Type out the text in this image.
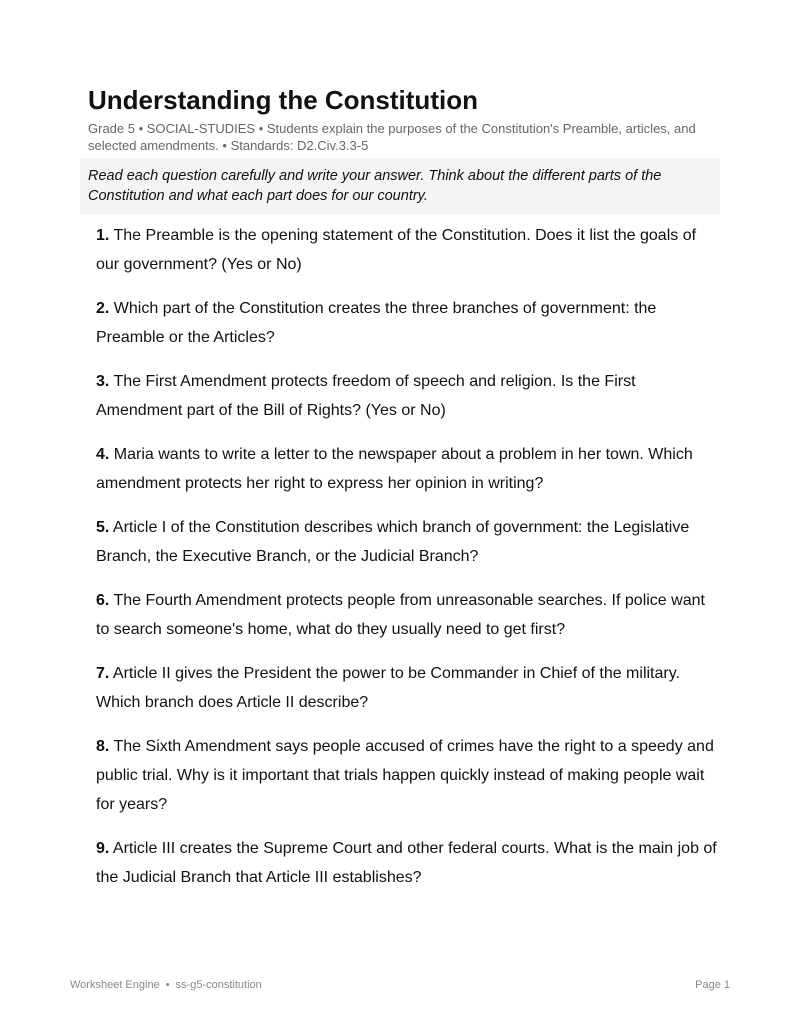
Understanding the Constitution
Grade 5 • SOCIAL-STUDIES • Students explain the purposes of the Constitution's Preamble, articles, and selected amendments. • Standards: D2.Civ.3.3-5
Read each question carefully and write your answer. Think about the different parts of the Constitution and what each part does for our country.
1. The Preamble is the opening statement of the Constitution. Does it list the goals of our government? (Yes or No)
2. Which part of the Constitution creates the three branches of government: the Preamble or the Articles?
3. The First Amendment protects freedom of speech and religion. Is the First Amendment part of the Bill of Rights? (Yes or No)
4. Maria wants to write a letter to the newspaper about a problem in her town. Which amendment protects her right to express her opinion in writing?
5. Article I of the Constitution describes which branch of government: the Legislative Branch, the Executive Branch, or the Judicial Branch?
6. The Fourth Amendment protects people from unreasonable searches. If police want to search someone's home, what do they usually need to get first?
7. Article II gives the President the power to be Commander in Chief of the military. Which branch does Article II describe?
8. The Sixth Amendment says people accused of crimes have the right to a speedy and public trial. Why is it important that trials happen quickly instead of making people wait for years?
9. Article III creates the Supreme Court and other federal courts. What is the main job of the Judicial Branch that Article III establishes?
Worksheet Engine • ss-g5-constitution	Page 1
